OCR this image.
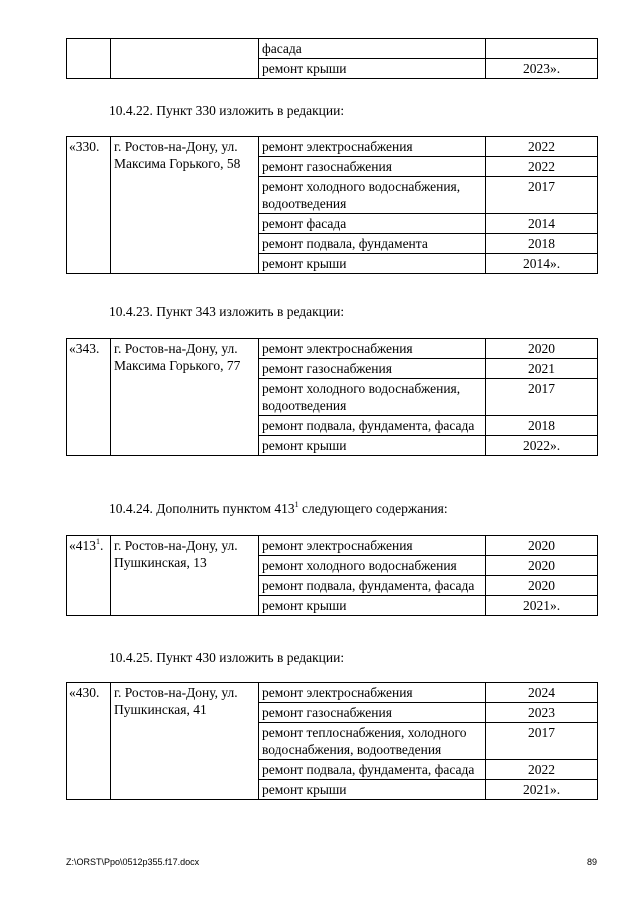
		фасада	
		ремонт крыши	2023».
10.4.22. Пункт 330 изложить в редакции:
«330.	г. Ростов-на-Дону, ул. Максима Горького, 58	ремонт электроснабжения	2022
		ремонт газоснабжения	2022
		ремонт холодного водоснабжения, водоотведения	2017
		ремонт фасада	2014
		ремонт подвала, фундамента	2018
		ремонт крыши	2014».
10.4.23. Пункт 343 изложить в редакции:
«343.	г. Ростов-на-Дону, ул. Максима Горького, 77	ремонт электроснабжения	2020
		ремонт газоснабжения	2021
		ремонт холодного водоснабжения, водоотведения	2017
		ремонт подвала, фундамента, фасада	2018
		ремонт крыши	2022».
10.4.24. Дополнить пунктом $413^1$ следующего содержания:
«$413^1$.	г. Ростов-на-Дону, ул. Пушкинская, 13	ремонт электроснабжения	2020
		ремонт холодного водоснабжения	2020
		ремонт подвала, фундамента, фасада	2020
		ремонт крыши	2021».
10.4.25. Пункт 430 изложить в редакции:
«430.	г. Ростов-на-Дону, ул. Пушкинская, 41	ремонт электроснабжения	2024
		ремонт газоснабжения	2023
		ремонт теплоснабжения, холодного водоснабжения, водоотведения	2017
		ремонт подвала, фундамента, фасада	2022
		ремонт крыши	2021».
Z:\ORST\Ppo\0512p355.f17.docx	89
